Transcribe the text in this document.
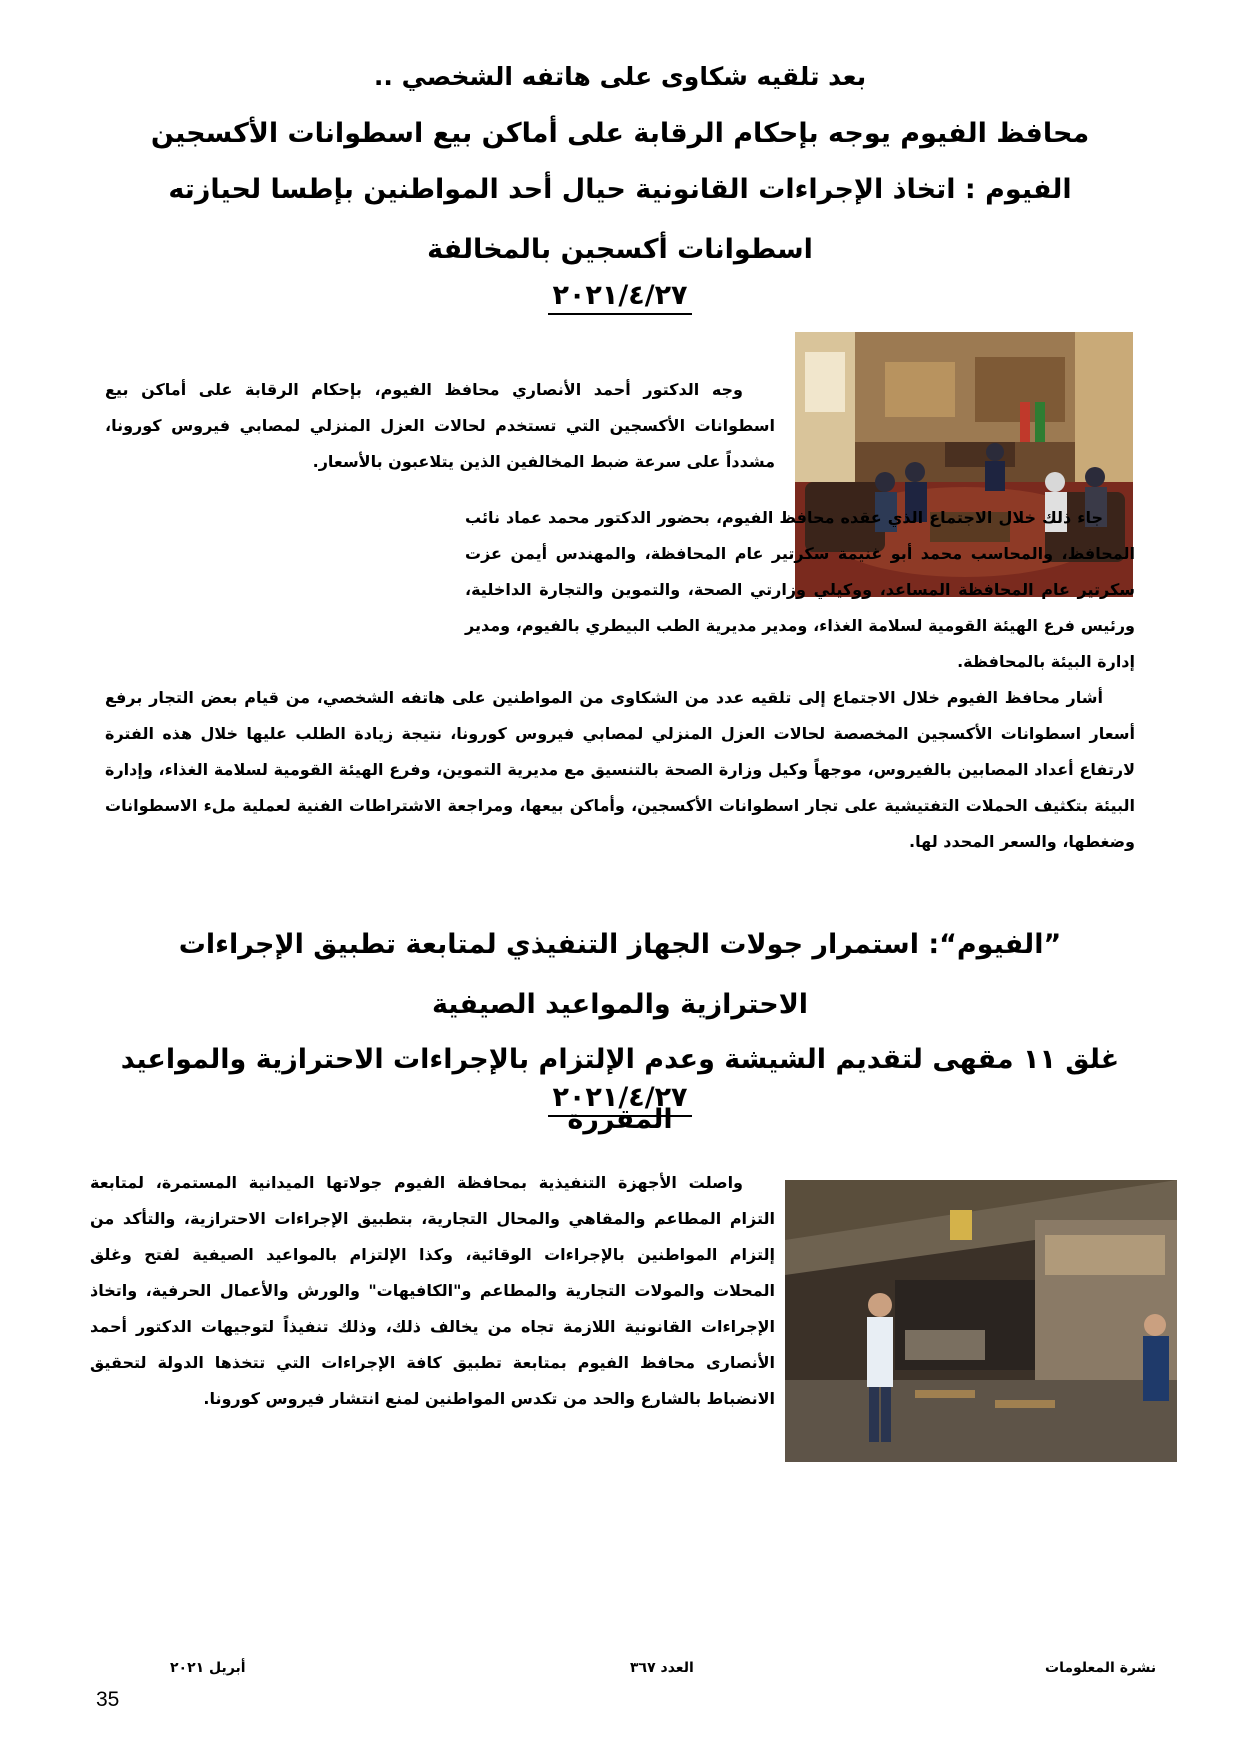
بعد تلقيه شكاوى على هاتفه الشخصي ..
محافظ الفيوم يوجه بإحكام الرقابة على أماكن بيع اسطوانات الأكسجين
الفيوم : اتخاذ الإجراءات القانونية حيال أحد المواطنين بإطسا لحيازته اسطوانات أكسجين بالمخالفة
٢٠٢١/٤/٢٧

وجه الدكتور أحمد الأنصاري محافظ الفيوم، بإحكام الرقابة على أماكن بيع اسطوانات الأكسجين التي تستخدم لحالات العزل المنزلي لمصابي فيروس كورونا، مشدداً على سرعة ضبط المخالفين الذين يتلاعبون بالأسعار.

جاء ذلك خلال الاجتماع الذي عقده محافظ الفيوم، بحضور الدكتور محمد عماد نائب المحافظ، والمحاسب محمد أبو غنيمة سكرتير عام المحافظة، والمهندس أيمن عزت سكرتير عام المحافظة المساعد، ووكيلي وزارتي الصحة، والتموين والتجارة الداخلية، ورئيس فرع الهيئة القومية لسلامة الغذاء، ومدير مديرية الطب البيطري بالفيوم، ومدير إدارة البيئة بالمحافظة.

أشار محافظ الفيوم خلال الاجتماع إلى تلقيه عدد من الشكاوى من المواطنين على هاتفه الشخصي، من قيام بعض التجار برفع أسعار اسطوانات الأكسجين المخصصة لحالات العزل المنزلي لمصابي فيروس كورونا، نتيجة زيادة الطلب عليها خلال هذه الفترة لارتفاع أعداد المصابين بالفيروس، موجهاً وكيل وزارة الصحة بالتنسيق مع مديرية التموين، وفرع الهيئة القومية لسلامة الغذاء، وإدارة البيئة بتكثيف الحملات التفتيشية على تجار اسطوانات الأكسجين، وأماكن بيعها، ومراجعة الاشتراطات الفنية لعملية ملء الاسطوانات وضغطها، والسعر المحدد لها.

”الفيوم“: استمرار جولات الجهاز التنفيذي لمتابعة تطبيق الإجراءات الاحترازية والمواعيد الصيفية
غلق ١١ مقهى لتقديم الشيشة وعدم الإلتزام بالإجراءات الاحترازية والمواعيد المقررة
٢٠٢١/٤/٢٧

واصلت الأجهزة التنفيذية بمحافظة الفيوم جولاتها الميدانية المستمرة، لمتابعة التزام المطاعم والمقاهي والمحال التجارية، بتطبيق الإجراءات الاحترازية، والتأكد من إلتزام المواطنين بالإجراءات الوقائية، وكذا الإلتزام بالمواعيد الصيفية لفتح وغلق المحلات والمولات التجارية والمطاعم و"الكافيهات" والورش والأعمال الحرفية، واتخاذ الإجراءات القانونية اللازمة تجاه من يخالف ذلك، وذلك تنفيذاً لتوجيهات الدكتور أحمد الأنصارى محافظ الفيوم بمتابعة تطبيق كافة الإجراءات التي تتخذها الدولة لتحقيق الانضباط بالشارع والحد من تكدس المواطنين لمنع انتشار فيروس كورونا.

نشرة المعلومات
العدد ٣٦٧
أبريل ٢٠٢١
35
